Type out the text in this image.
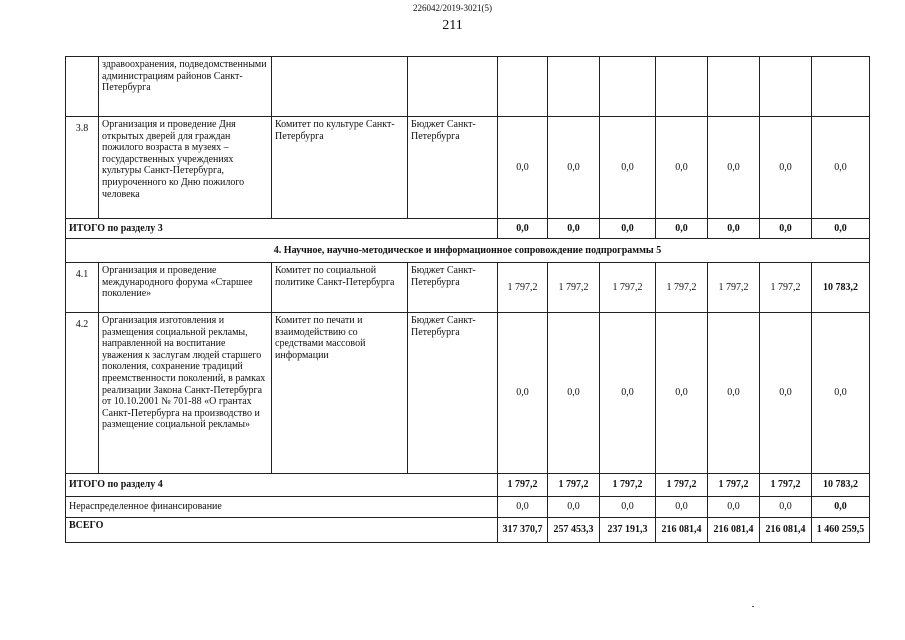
226042/2019-3021(5)
211
	здравоохранения, подведомственными администрациям районов Санкт-Петербурга									
3.8	Организация и проведение Дня открытых дверей для граждан пожилого возраста в музеях – государственных учреждениях культуры Санкт-Петербурга, приуроченного ко Дню пожилого человека	Комитет по культуре Санкт-Петербурга	Бюджет Санкт-Петербурга	0,0	0,0	0,0	0,0	0,0	0,0	0,0
ИТОГО по разделу 3				0,0	0,0	0,0	0,0	0,0	0,0	0,0
4. Научное, научно-методическое и информационное сопровождение подпрограммы 5										
4.1	Организация и проведение международного форума «Старшее поколение»	Комитет по социальной политике Санкт-Петербурга	Бюджет Санкт-Петербурга	1 797,2	1 797,2	1 797,2	1 797,2	1 797,2	1 797,2	10 783,2
4.2	Организация изготовления и размещения социальной рекламы, направленной на воспитание уважения к заслугам людей старшего поколения, сохранение традиций преемственности поколений, в рамках реализации Закона Санкт-Петербурга от 10.10.2001 № 701-88 «О грантах Санкт-Петербурга на производство и размещение социальной рекламы»	Комитет по печати и взаимодействию со средствами массовой информации	Бюджет Санкт-Петербурга	0,0	0,0	0,0	0,0	0,0	0,0	0,0
ИТОГО по разделу 4				1 797,2	1 797,2	1 797,2	1 797,2	1 797,2	1 797,2	10 783,2
Нераспределенное финансирование				0,0	0,0	0,0	0,0	0,0	0,0	0,0
ВСЕГО				317 370,7	257 453,3	237 191,3	216 081,4	216 081,4	216 081,4	1 460 259,5
